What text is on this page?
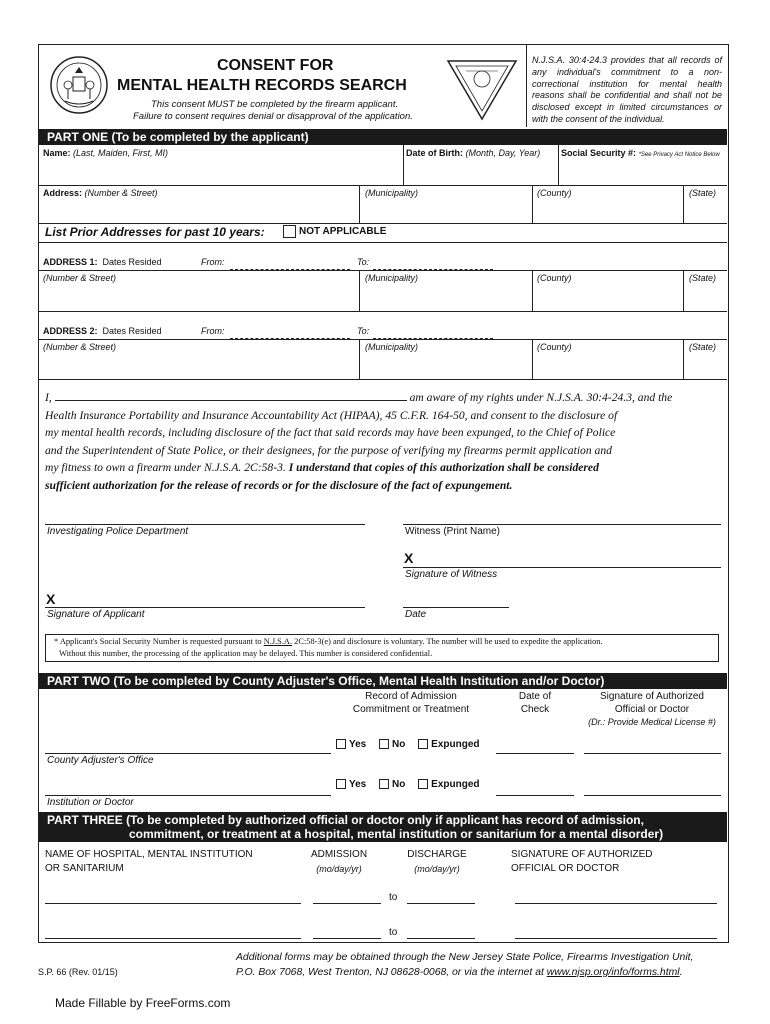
CONSENT FOR
MENTAL HEALTH RECORDS SEARCH
This consent MUST be completed by the firearm applicant.
Failure to consent requires denial or disapproval of the application.
N.J.S.A. 30:4-24.3 provides that all records of any individual's commitment to a non-correctional institution for mental health reasons shall be confidential and shall not be disclosed except in limited circumstances or with the consent of the individual.
PART ONE (To be completed by the applicant)
Name: (Last, Maiden, First, MI)	Date of Birth: (Month, Day, Year) Social Security #: *See Privacy Act Notice Below
Address: (Number & Street)	(Municipality)	(County)	(State)
List Prior Addresses for past 10 years:	NOT APPLICABLE
ADDRESS 1: Dates Resided	From:	To:
(Number & Street)	(Municipality)	(County)	(State)
ADDRESS 2: Dates Resided	From:	To:
(Number & Street)	(Municipality)	(County)	(State)
I,	am aware of my rights under N.J.S.A. 30:4-24.3, and the
Health Insurance Portability and Insurance Accountability Act (HIPAA), 45 C.F.R. 164-50, and consent to the disclosure of
my mental health records, including disclosure of the fact that said records may have been expunged, to the Chief of Police
and the Superintendent of State Police, or their designees, for the purpose of verifying my firearms permit application and
my fitness to own a firearm under N.J.S.A. 2C:58-3. I understand that copies of this authorization shall be considered
sufficient authorization for the release of records or for the disclosure of the fact of expungement.
Investigating Police Department	Witness (Print Name)
X
Signature of Witness
X
Signature of Applicant	Date
* Applicant's Social Security Number is requested pursuant to N.J.S.A. 2C:58-3(e) and disclosure is voluntary. The number will be used to expedite the application.
Without this number, the processing of the application may be delayed. This number is considered confidential.
PART TWO (To be completed by County Adjuster's Office, Mental Health Institution and/or Doctor)
Record of Admission
Commitment or Treatment
Date of
Check
Signature of Authorized
Official or Doctor
(Dr.: Provide Medical License #)
Yes	No	Expunged
County Adjuster's Office
Yes	No	Expunged
Institution or Doctor
PART THREE (To be completed by authorized official or doctor only if applicant has record of admission,
commitment, or treatment at a hospital, mental institution or sanitarium for a mental disorder)
NAME OF HOSPITAL, MENTAL INSTITUTION
OR SANITARIUM
ADMISSION
(mo/day/yr)
DISCHARGE
(mo/day/yr)
SIGNATURE OF AUTHORIZED
OFFICIAL OR DOCTOR
to
to
S.P. 66 (Rev. 01/15)
Additional forms may be obtained through the New Jersey State Police, Firearms Investigation Unit,
P.O. Box 7068, West Trenton, NJ 08628-0068, or via the internet at www.njsp.org/info/forms.html.
Made Fillable by FreeForms.com
